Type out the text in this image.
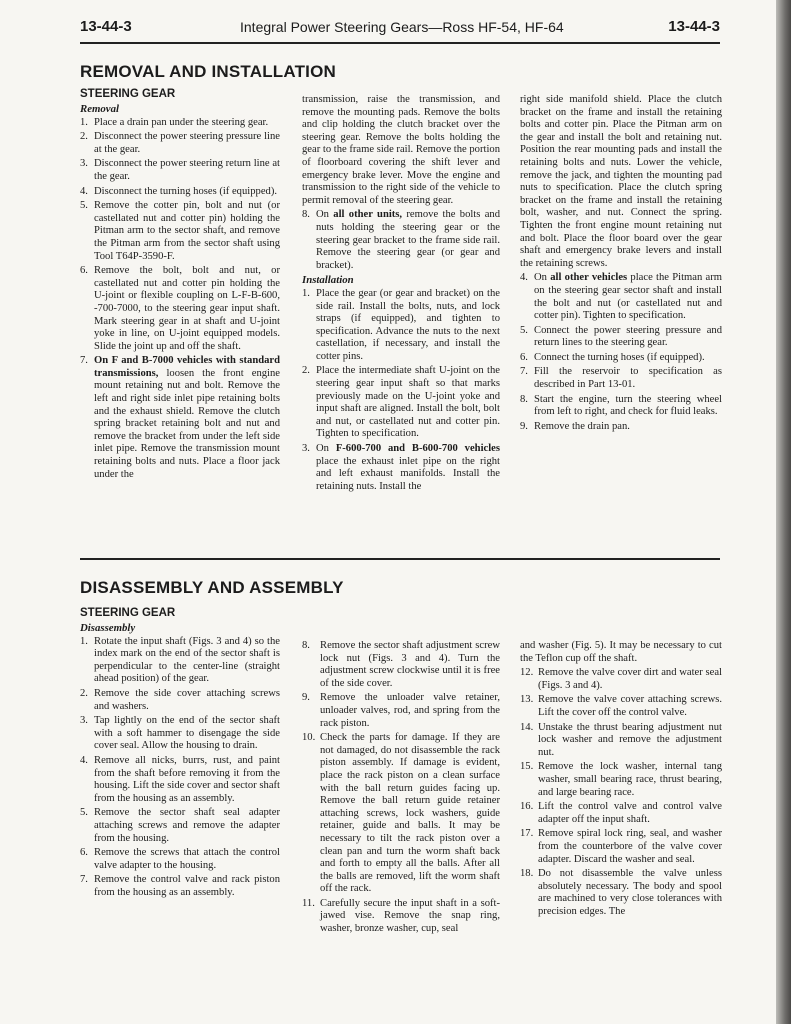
13-44-3	Integral Power Steering Gears—Ross HF-54, HF-64	13-44-3
REMOVAL AND INSTALLATION
STEERING GEAR
Removal
1. Place a drain pan under the steering gear.
2. Disconnect the power steering pressure line at the gear.
3. Disconnect the power steering return line at the gear.
4. Disconnect the turning hoses (if equipped).
5. Remove the cotter pin, bolt and nut (or castellated nut and cotter pin) holding the Pitman arm to the sector shaft, and remove the Pitman arm from the sector shaft using Tool T64P-3590-F.
6. Remove the bolt, bolt and nut, or castellated nut and cotter pin holding the U-joint or flexible coupling on L-F-B-600, -700-7000, to the steering gear input shaft. Mark steering gear in at shaft and U-joint yoke in line, on U-joint equipped models. Slide the joint up and off the shaft.
7. On F and B-7000 vehicles with standard transmissions, loosen the front engine mount retaining nut and bolt. Remove the left and right side inlet pipe retaining bolts and the exhaust shield. Remove the clutch spring bracket retaining bolt and nut and remove the bracket from under the left side inlet pipe. Remove the transmission mount retaining bolts and nuts. Place a floor jack under the

transmission, raise the transmission, and remove the mounting pads. Remove the bolts and clip holding the clutch bracket over the steering gear. Remove the bolts holding the gear to the frame side rail. Remove the portion of floorboard covering the shift lever and emergency brake lever. Move the engine and transmission to the right side of the vehicle to permit removal of the steering gear.

8. On all other units, remove the bolts and nuts holding the steering gear or the steering gear bracket to the frame side rail. Remove the steering gear (or gear and bracket).
Installation
1. Place the gear (or gear and bracket) on the side rail. Install the bolts, nuts, and lock straps (if equipped), and tighten to specification. Advance the nuts to the next castellation, if necessary, and install the cotter pins.
2. Place the intermediate shaft U-joint on the steering gear input shaft so that marks previously made on the U-joint yoke and input shaft are aligned. Install the bolt, bolt and nut, or castellated nut and cotter pin. Tighten to specification.
3. On F-600-700 and B-600-700 vehicles place the exhaust inlet pipe on the right and left exhaust manifolds. Install the retaining nuts. Install the

right side manifold shield. Place the clutch bracket on the frame and install the retaining bolts and cotter pin. Place the Pitman arm on the gear and install the bolt and retaining nut. Position the rear mounting pads and install the retaining bolts and nuts. Lower the vehicle, remove the jack, and tighten the mounting pad nuts to specification. Place the clutch spring bracket on the frame and install the retaining bolt, washer, and nut. Connect the spring. Tighten the front engine mount retaining nut and bolt. Place the floor board over the gear shaft and emergency brake levers and install the retaining screws.

4. On all other vehicles place the Pitman arm on the steering gear sector shaft and install the bolt and nut (or castellated nut and cotter pin). Tighten to specification.
5. Connect the power steering pressure and return lines to the steering gear.
6. Connect the turning hoses (if equipped).
7. Fill the reservoir to specification as described in Part 13-01.
8. Start the engine, turn the steering wheel from left to right, and check for fluid leaks.
9. Remove the drain pan.
DISASSEMBLY AND ASSEMBLY
STEERING GEAR
Disassembly
1. Rotate the input shaft (Figs. 3 and 4) so the index mark on the end of the sector shaft is perpendicular to the center-line (straight ahead position) of the gear.
2. Remove the side cover attaching screws and washers.
3. Tap lightly on the end of the sector shaft with a soft hammer to disengage the side cover seal. Allow the housing to drain.
4. Remove all nicks, burrs, rust, and paint from the shaft before removing it from the housing. Lift the side cover and sector shaft from the housing as an assembly.
5. Remove the sector shaft seal adapter attaching screws and remove the adapter from the housing.
6. Remove the screws that attach the control valve adapter to the housing.
7. Remove the control valve and rack piston from the housing as an assembly.
8. Remove the sector shaft adjustment screw lock nut (Figs. 3 and 4). Turn the adjustment screw clockwise until it is free of the side cover.
9. Remove the unloader valve retainer, unloader valves, rod, and spring from the rack piston.
10. Check the parts for damage. If they are not damaged, do not disassemble the rack piston assembly. If damage is evident, place the rack piston on a clean surface with the ball return guides facing up. Remove the ball return guide retainer attaching screws, lock washers, guide retainer, guide and balls. It may be necessary to tilt the rack piston over a clean pan and turn the worm shaft back and forth to empty all the balls. After all the balls are removed, lift the worm shaft off the rack.
11. Carefully secure the input shaft in a soft-jawed vise. Remove the snap ring, washer, bronze washer, cup, seal

and washer (Fig. 5). It may be necessary to cut the Teflon cup off the shaft.

12. Remove the valve cover dirt and water seal (Figs. 3 and 4).
13. Remove the valve cover attaching screws. Lift the cover off the control valve.
14. Unstake the thrust bearing adjustment nut lock washer and remove the adjustment nut.
15. Remove the lock washer, internal tang washer, small bearing race, thrust bearing, and large bearing race.
16. Lift the control valve and control valve adapter off the input shaft.
17. Remove spiral lock ring, seal, and washer from the counterbore of the valve cover adapter. Discard the washer and seal.
18. Do not disassemble the valve unless absolutely necessary. The body and spool are machined to very close tolerances with precision edges. The
